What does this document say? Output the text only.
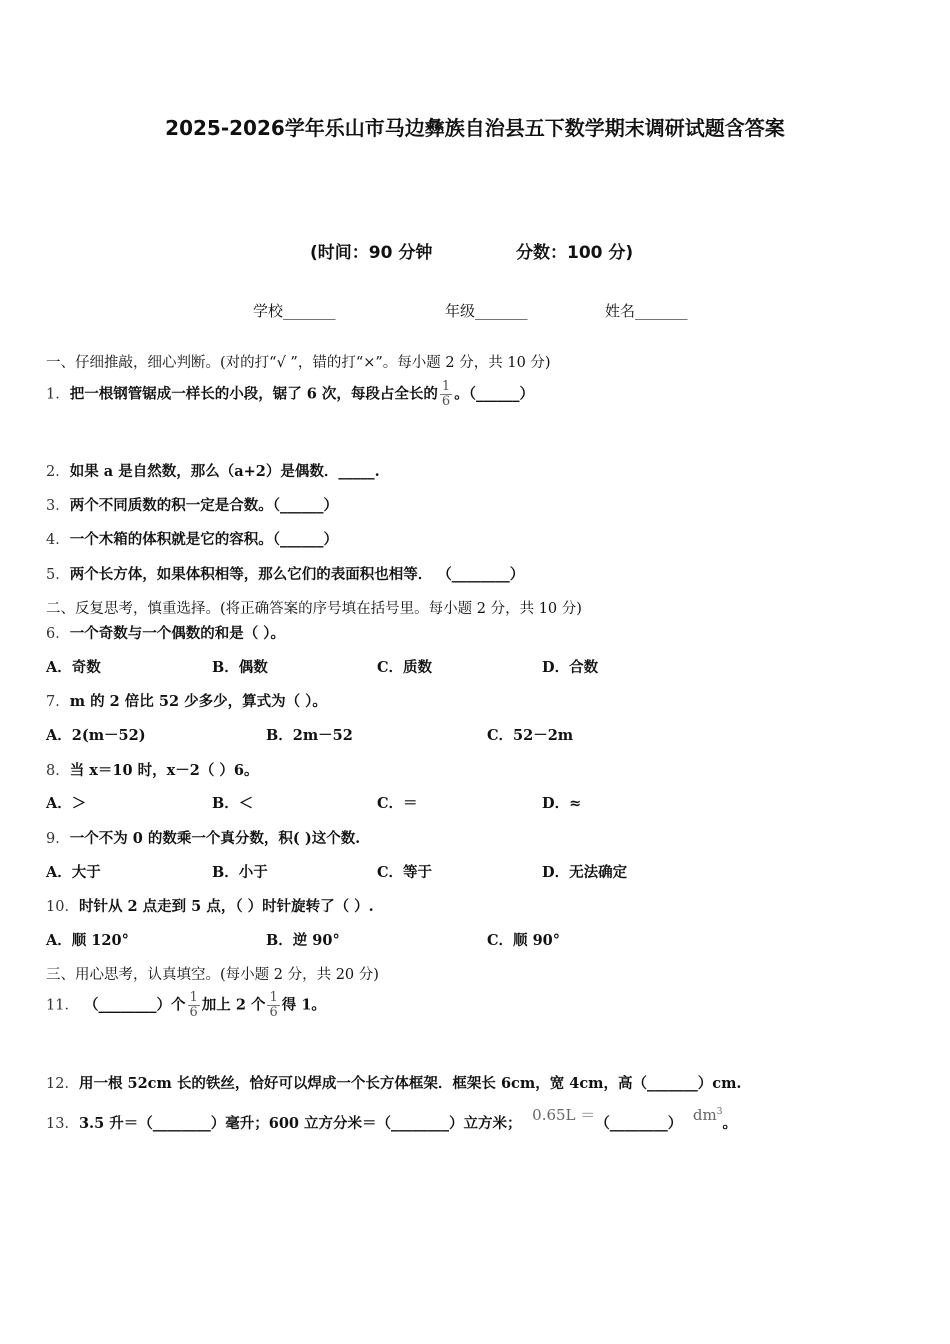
2025-2026学年乐山市马边彝族自治县五下数学期末调研试题含答案
(时间：90 分钟	分数：100 分)
学校_______	年级_______	姓名_______
一、仔细推敲，细心判断。(对的打“√ ”，错的打“×”。每小题 2 分，共 10 分)
1．把一根钢管锯成一样长的小段，锯了 6 次，每段占全长的 $\frac{1}{6}$ 。（______）
2．如果 a 是自然数，那么（a+2）是偶数．_____.
3．两个不同质数的积一定是合数。（______）
4．一个木箱的体积就是它的容积。（______）
5．两个长方体，如果体积相等，那么它们的表面积也相等． （________）
二、反复思考，慎重选择。(将正确答案的序号填在括号里。每小题 2 分，共 10 分)
6．一个奇数与一个偶数的和是（ ）。
A．奇数	B．偶数	C．质数	D．合数
7．m 的 2 倍比 52 少多少，算式为（ ）。
A．2(m－52)	B．2m－52	C．52－2m
8．当 x＝10 时，x－2（ ）6。
A．＞	B．＜	C．＝	D．≈
9．一个不为 0 的数乘一个真分数，积( )这个数.
A．大于	B．小于	C．等于	D．无法确定
10．时针从 2 点走到 5 点，（ ）时针旋转了（ ）.
A．顺 120°	B．逆 90°	C．顺 90°
三、用心思考，认真填空。(每小题 2 分，共 20 分)
11． （________）个 $\frac{1}{6}$ 加上 2 个 $\frac{1}{6}$ 得 1。
12．用一根 52cm 长的铁丝，恰好可以焊成一个长方体框架．框架长 6cm，宽 4cm，高（_______）cm.
13．3.5 升＝（________）毫升；600 立方分米＝（________）立方米； 0.65L ＝（________） $dm^3$。
